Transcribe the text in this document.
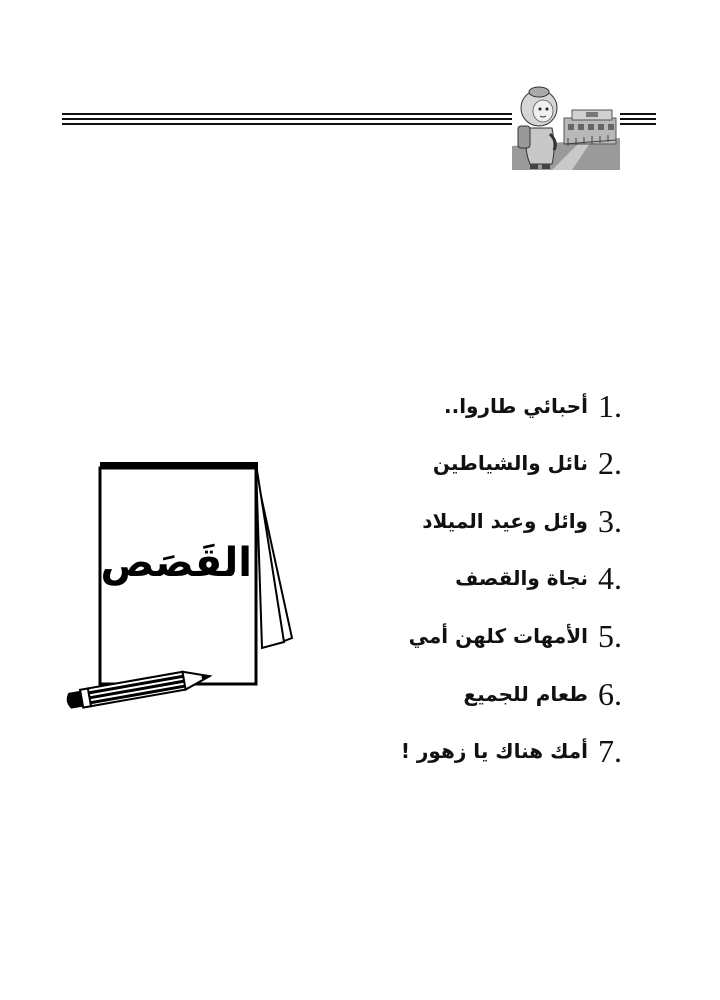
أحبائي طاروا.. 1.
نائل والشياطين 2.
وائل وعيد الميلاد 3.
نجاة والقصف 4.
الأمهات كلهن أمي 5.
طعام للجميع 6.
أمك هناك يا زهور ! 7.
القَصَص
